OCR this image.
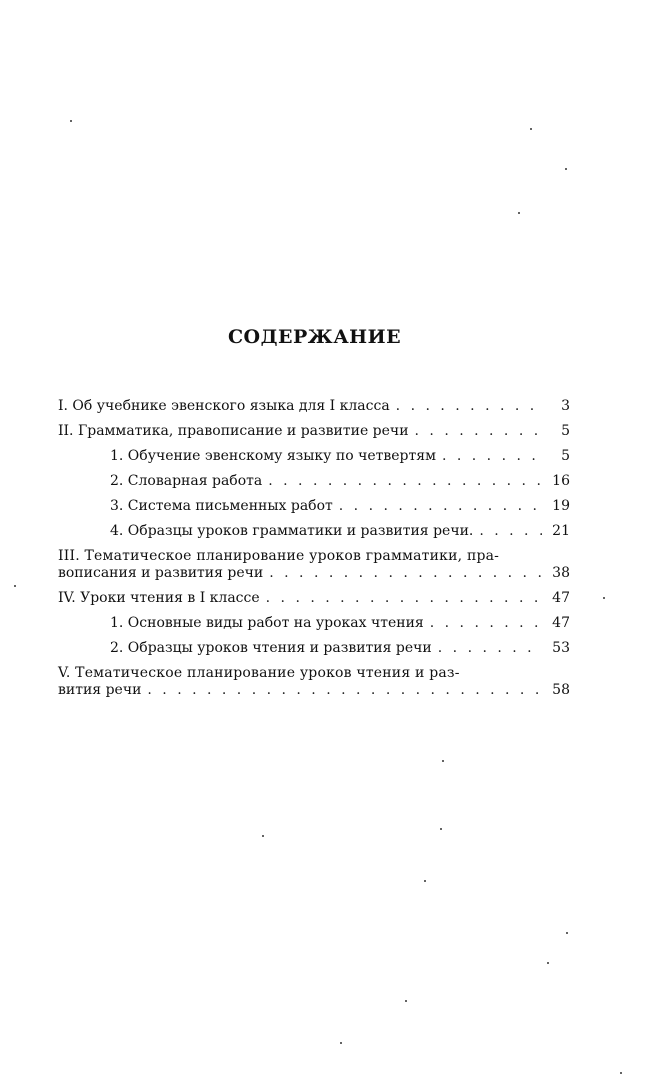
СОДЕРЖАНИЕ
I. Об учебнике эвенского языка для I класса . . .	3
II. Грамматика, правописание и развитие речи . . .	5
1. Обучение эвенскому языку по четвертям . . .	5
2. Словарная работа . . .	16
3. Система письменных работ . . .	19
4. Образцы уроков грамматики и развития речи. . . .	21
III. Тематическое планирование уроков грамматики, пра-
вописания и развития речи . . .	38
IV. Уроки чтения в I классе . . .	47
1. Основные виды работ на уроках чтения . . .	47
2. Образцы уроков чтения и развития речи . . .	53
V. Тематическое планирование уроков чтения и раз-
вития речи . . .	58
